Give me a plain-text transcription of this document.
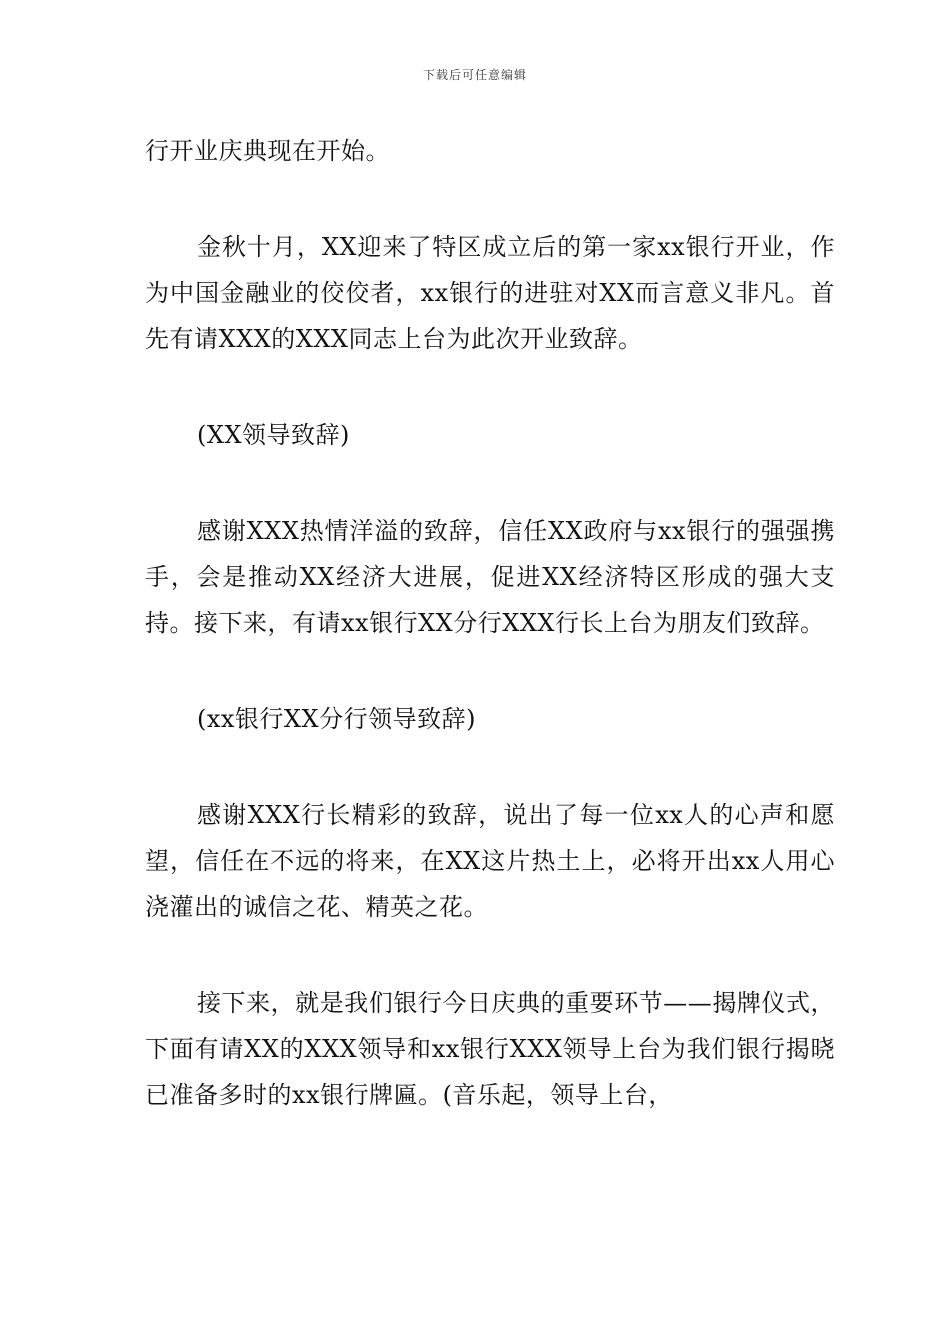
下载后可任意编辑

行开业庆典现在开始。

金秋十月，XX迎来了特区成立后的第一家xx银行开业，作为中国金融业的佼佼者，xx银行的进驻对XX而言意义非凡。首先有请XXX的XXX同志上台为此次开业致辞。

(XX领导致辞)

感谢XXX热情洋溢的致辞，信任XX政府与xx银行的强强携手，会是推动XX经济大进展，促进XX经济特区形成的强大支持。接下来，有请xx银行XX分行XXX行长上台为朋友们致辞。

(xx银行XX分行领导致辞)

感谢XXX行长精彩的致辞，说出了每一位xx人的心声和愿望，信任在不远的将来，在XX这片热土上，必将开出xx人用心浇灌出的诚信之花、精英之花。

接下来，就是我们银行今日庆典的重要环节——揭牌仪式，下面有请XX的XXX领导和xx银行XXX领导上台为我们银行揭晓已准备多时的xx银行牌匾。(音乐起，领导上台，
